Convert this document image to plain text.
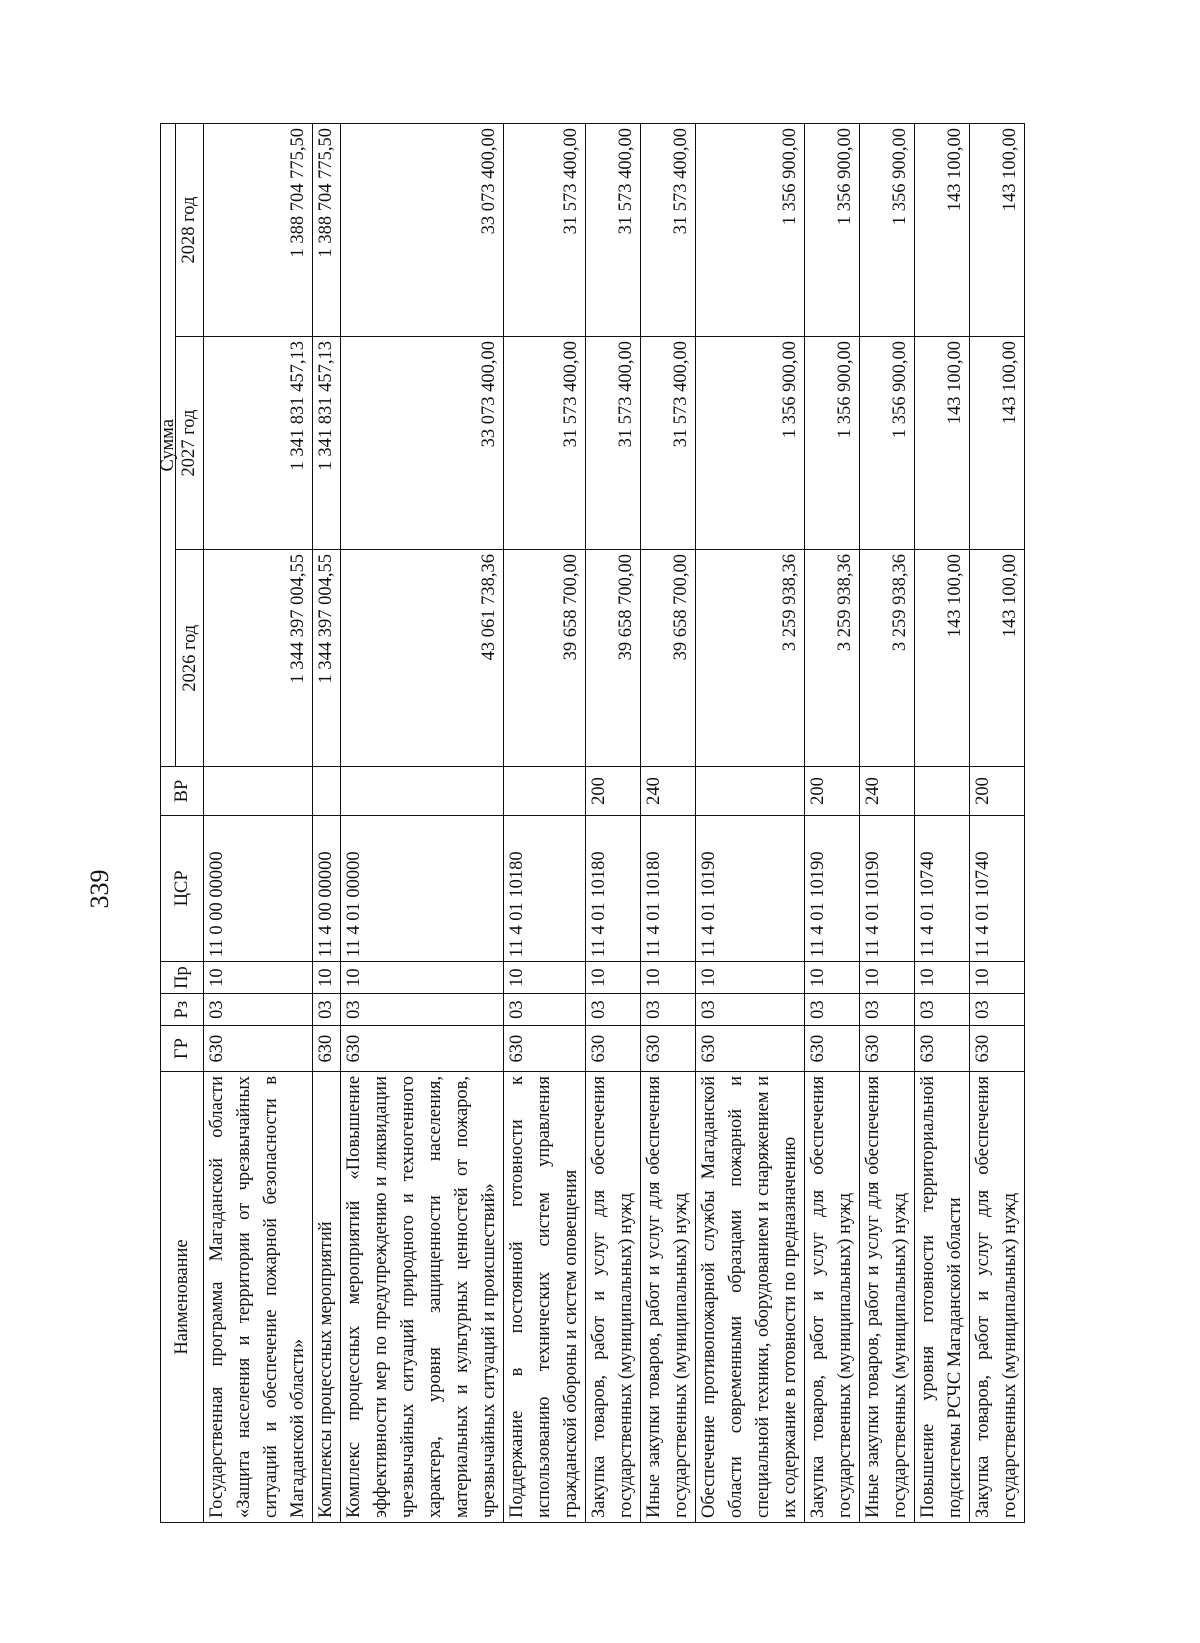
339
Наименование	ГР	Рз	Пр	ЦСР	ВР	Сумма		
						2026 год	2027 год	2028 год
Государственная программа Магаданской области «Защита населения и территории от чрезвычайных ситуаций и обеспечение пожарной безопасности в Магаданской области»	630	03	10	11 0 00 00000		1 344 397 004,55	1 341 831 457,13	1 388 704 775,50
Комплексы процессных мероприятий	630	03	10	11 4 00 00000		1 344 397 004,55	1 341 831 457,13	1 388 704 775,50
Комплекс процессных мероприятий «Повышение эффективности мер по предупреждению и ликвидации чрезвычайных ситуаций природного и техногенного характера, уровня защищенности населения, материальных и культурных ценностей от пожаров, чрезвычайных ситуаций и происшествий»	630	03	10	11 4 01 00000		43 061 738,36	33 073 400,00	33 073 400,00
Поддержание в постоянной готовности к использованию технических систем управления гражданской обороны и систем оповещения	630	03	10	11 4 01 10180		39 658 700,00	31 573 400,00	31 573 400,00
Закупка товаров, работ и услуг для обеспечения государственных (муниципальных) нужд	630	03	10	11 4 01 10180	200	39 658 700,00	31 573 400,00	31 573 400,00
Иные закупки товаров, работ и услуг для обеспечения государственных (муниципальных) нужд	630	03	10	11 4 01 10180	240	39 658 700,00	31 573 400,00	31 573 400,00
Обеспечение противопожарной службы Магаданской области современными образцами пожарной и специальной техники, оборудованием и снаряжением и их содержание в готовности по предназначению	630	03	10	11 4 01 10190		3 259 938,36	1 356 900,00	1 356 900,00
Закупка товаров, работ и услуг для обеспечения государственных (муниципальных) нужд	630	03	10	11 4 01 10190	200	3 259 938,36	1 356 900,00	1 356 900,00
Иные закупки товаров, работ и услуг для обеспечения государственных (муниципальных) нужд	630	03	10	11 4 01 10190	240	3 259 938,36	1 356 900,00	1 356 900,00
Повышение уровня готовности территориальной подсистемы РСЧС Магаданской области	630	03	10	11 4 01 10740		143 100,00	143 100,00	143 100,00
Закупка товаров, работ и услуг для обеспечения государственных (муниципальных) нужд	630	03	10	11 4 01 10740	200	143 100,00	143 100,00	143 100,00
